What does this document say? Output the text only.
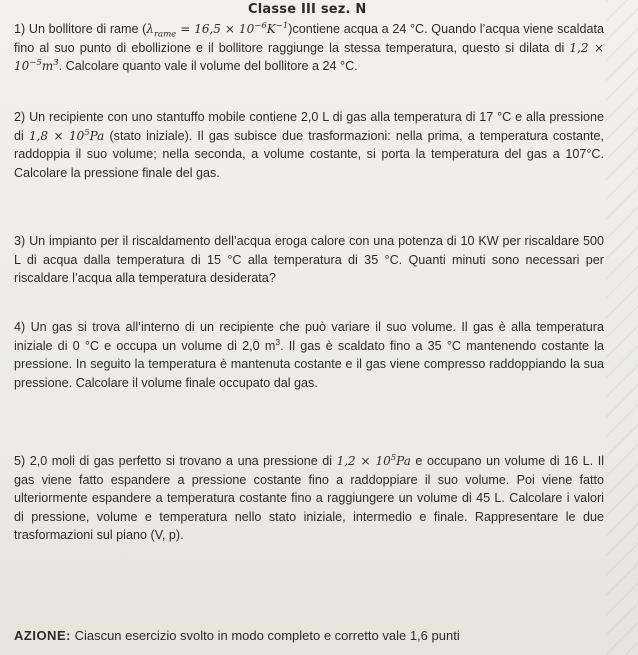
Classe III sez. N
1) Un bollitore di rame ($\lambda_{rame} = 16,5$ × $10^{-6}K^{-1})contiene$ acqua a 24 °C. Quando l’acqua viene scaldata fino al suo punto di ebollizione e il bollitore raggiunge la stessa temperatura, questo si dilata di $1,2 \times 10^{-5}m^3$. Calcolare quanto vale il volume del bollitore a 24 °C.
2) Un recipiente con uno stantuffo mobile contiene 2,0 L di gas alla temperatura di 17 °C e alla pressione di $1,8 \times 10^5Pa$ (stato iniziale). Il gas subisce due trasformazioni: nella prima, a temperatura costante, raddoppia il suo volume; nella seconda, a volume costante, si porta la temperatura del gas a 107°C. Calcolare la pressione finale del gas.
3) Un impianto per il riscaldamento dell’acqua eroga calore con una potenza di 10 KW per riscaldare 500 L di acqua dalla temperatura di 15 °C alla temperatura di 35 °C. Quanti minuti sono necessari per riscaldare l’acqua alla temperatura desiderata?
4) Un gas si trova all’interno di un recipiente che può variare il suo volume. Il gas è alla temperatura iniziale di 0 °C e occupa un volume di 2,0 $m^3$. Il gas è scaldato fino a 35 °C mantenendo costante la pressione. In seguito la temperatura è mantenuta costante e il gas viene compresso raddoppiando la sua pressione. Calcolare il volume finale occupato dal gas.
5) 2,0 moli di gas perfetto si trovano a una pressione di $1,2 \times 10^5Pa$ e occupano un volume di 16 L. Il gas viene fatto espandere a pressione costante fino a raddoppiare il suo volume. Poi viene fatto ulteriormente espandere a temperatura costante fino a raggiungere un volume di 45 L. Calcolare i valori di pressione, volume e temperatura nello stato iniziale, intermedio e finale. Rappresentare le due trasformazioni sul piano (V, p).
AZIONE: Ciascun esercizio svolto in modo completo e corretto vale 1,6 punti
